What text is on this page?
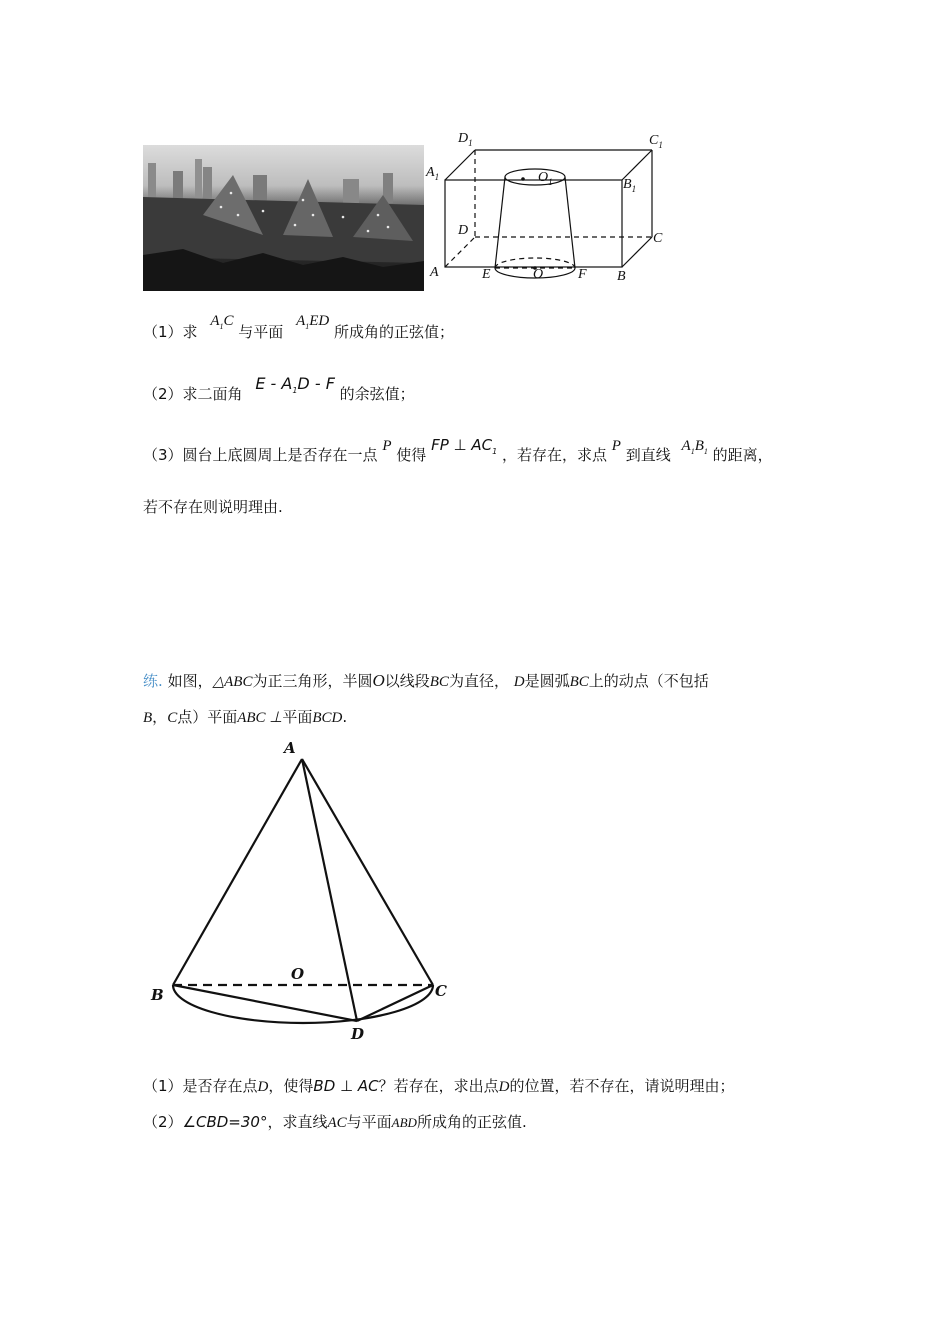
$D_1$	$C_1$
$A_1$
$B_1$
$O_1$
D
C
A	E	O F B
（1）求 $A_1C$ 与平面 $A_1ED$ 所成角的正弦值；
（2）求二面角 E - $A_1D$ - F 的余弦值；
（3）圆台上底圆周上是否存在一点 P 使得 FP ⊥ $AC_1$ ，若存在，求点 P 到直线 $A_1B_1$ 的距离，
若不存在则说明理由.
练. 如图，△ABC为正三角形，半圆O以线段BC为直径， D是圆弧BC上的动点（不包括
B，C点）平面ABC ⊥平面BCD.
A
B	C
O
D
（1）是否存在点D，使得BD ⊥ AC？若存在，求出点D的位置，若不存在，请说明理由；
（2）∠CBD=30°，求直线AC与平面ABD所成角的正弦值.
